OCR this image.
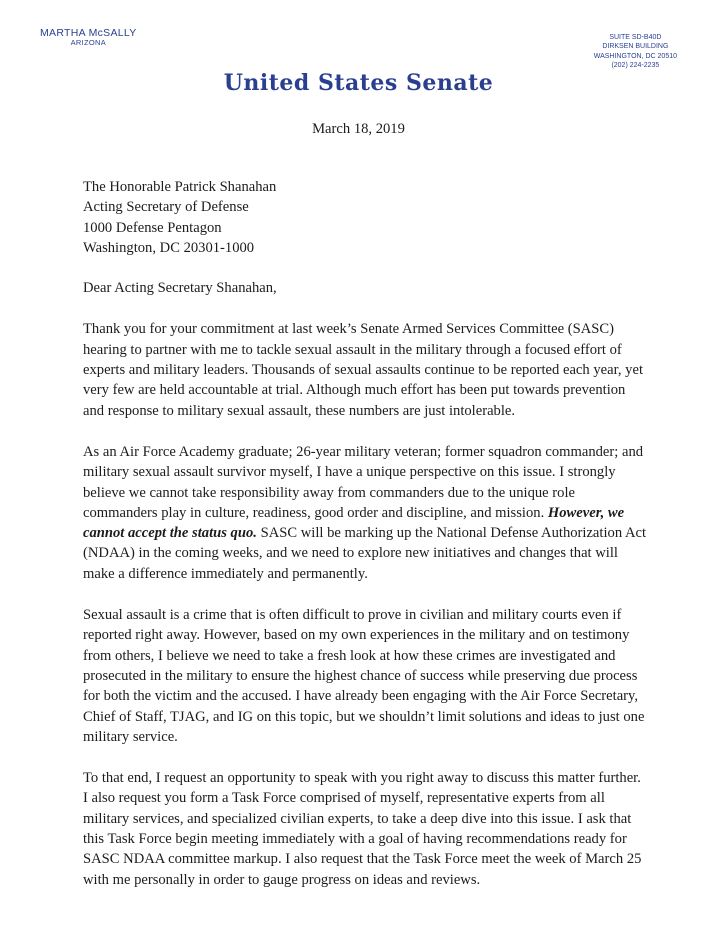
MARTHA McSALLY
ARIZONA
SUITE SD-B40D
DIRKSEN BUILDING
WASHINGTON, DC 20510
(202) 224-2235
United States Senate
March 18, 2019
The Honorable Patrick Shanahan
Acting Secretary of Defense
1000 Defense Pentagon
Washington, DC 20301-1000
Dear Acting Secretary Shanahan,

Thank you for your commitment at last week’s Senate Armed Services Committee (SASC) hearing to partner with me to tackle sexual assault in the military through a focused effort of experts and military leaders. Thousands of sexual assaults continue to be reported each year, yet very few are held accountable at trial. Although much effort has been put towards prevention and response to military sexual assault, these numbers are just intolerable.

As an Air Force Academy graduate; 26-year military veteran; former squadron commander; and military sexual assault survivor myself, I have a unique perspective on this issue. I strongly believe we cannot take responsibility away from commanders due to the unique role commanders play in culture, readiness, good order and discipline, and mission. However, we cannot accept the status quo. SASC will be marking up the National Defense Authorization Act (NDAA) in the coming weeks, and we need to explore new initiatives and changes that will make a difference immediately and permanently.

Sexual assault is a crime that is often difficult to prove in civilian and military courts even if reported right away. However, based on my own experiences in the military and on testimony from others, I believe we need to take a fresh look at how these crimes are investigated and prosecuted in the military to ensure the highest chance of success while preserving due process for both the victim and the accused. I have already been engaging with the Air Force Secretary, Chief of Staff, TJAG, and IG on this topic, but we shouldn’t limit solutions and ideas to just one military service.

To that end, I request an opportunity to speak with you right away to discuss this matter further. I also request you form a Task Force comprised of myself, representative experts from all military services, and specialized civilian experts, to take a deep dive into this issue. I ask that this Task Force begin meeting immediately with a goal of having recommendations ready for SASC NDAA committee markup. I also request that the Task Force meet the week of March 25 with me personally in order to gauge progress on ideas and reviews.
